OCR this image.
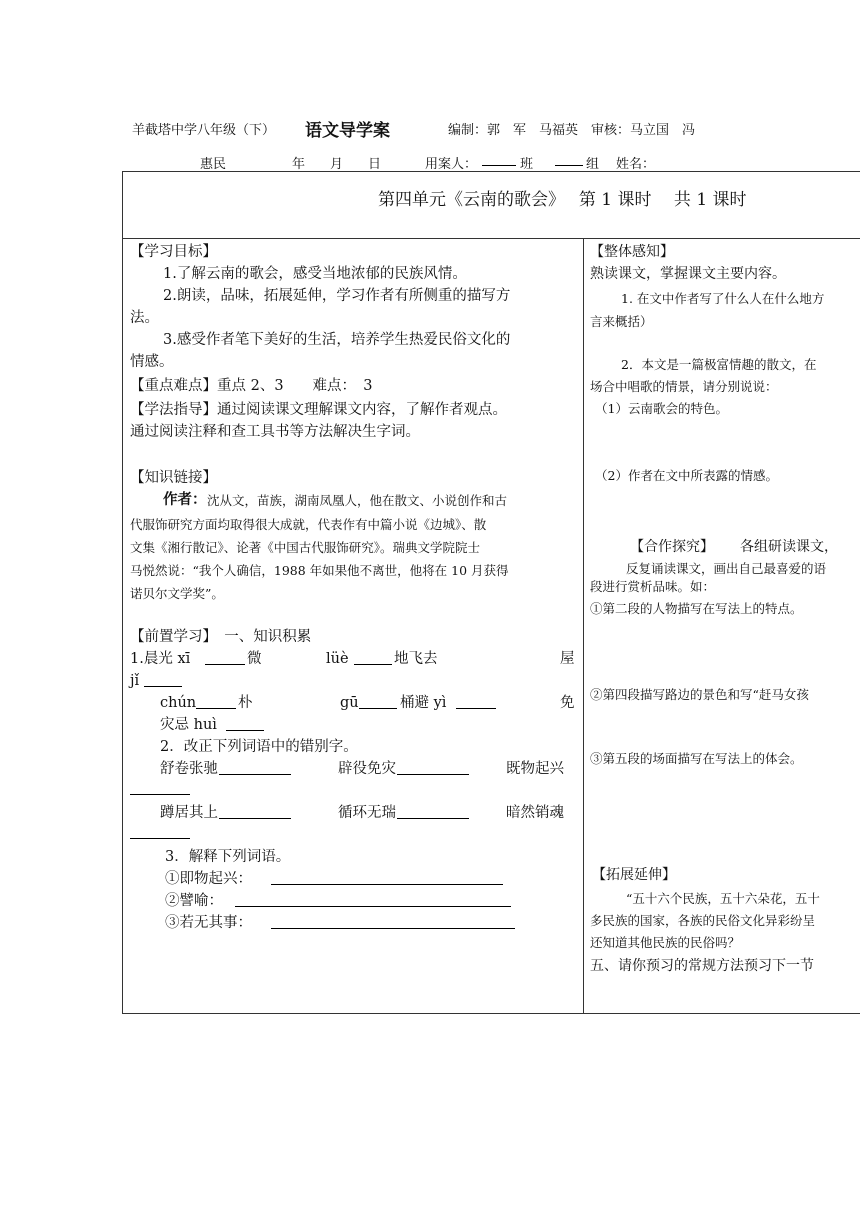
羊截塔中学八年级（下） 语文导学案	编制：郭　军　马福英　审核：马立国　冯
惠民	年 月 日	用案人：	班	组 姓名：
第四单元《云南的歌会》　 第 1 课时　 共 1 课时
【学习目标】
1.了解云南的歌会，感受当地浓郁的民族风情。
2.朗读，品味，拓展延伸，学习作者有所侧重的描写方
法。
3.感受作者笔下美好的生活，培养学生热爱民俗文化的
情感。
【重点难点】重点 2、3　　难点：　3
【学法指导】通过阅读课文理解课文内容，了解作者观点。
通过阅读注释和查工具书等方法解决生字词。
【知识链接】
作者： 沈从文，苗族，湖南凤凰人，他在散文、小说创作和古
代服饰研究方面均取得很大成就，代表作有中篇小说《边城》、散
文集《湘行散记》、论著《中国古代服饰研究》。瑞典文学院院士
马悦然说：“我个人确信，1988 年如果他不离世，他将在 10 月获得
诺贝尔文学奖”。
【前置学习】　一、知识积累
1.晨光 xī	微	lüè	地飞去	屋
jǐ
chún	朴	gū	桶避 yì	免
灾忌 huì
2．改正下列词语中的错别字。
舒卷张驰	辟役免灾	既物起兴
蹲居其上	循环无瑞	暗然销魂
3．解释下列词语。
①即物起兴：
②譬喻：
③若无其事：
【整体感知】
熟读课文，掌握课文主要内容。
1. 在文中作者写了什么人在什么地方
言来概括）
2．本文是一篇极富情趣的散文，在
场合中唱歌的情景，请分别说说：
（1）云南歌会的特色。
（2）作者在文中所表露的情感。
【合作探究】 各组研读课文，
反复诵读课文，画出自己最喜爱的语
段进行赏析品味。如：
①第二段的人物描写在写法上的特点。
②第四段描写路边的景色和写“赶马女孩
③第五段的场面描写在写法上的体会。
【拓展延伸】
“五十六个民族，五十六朵花，五十
多民族的国家，各族的民俗文化异彩纷呈
还知道其他民族的民俗吗？
五、请你预习的常规方法预习下一节
